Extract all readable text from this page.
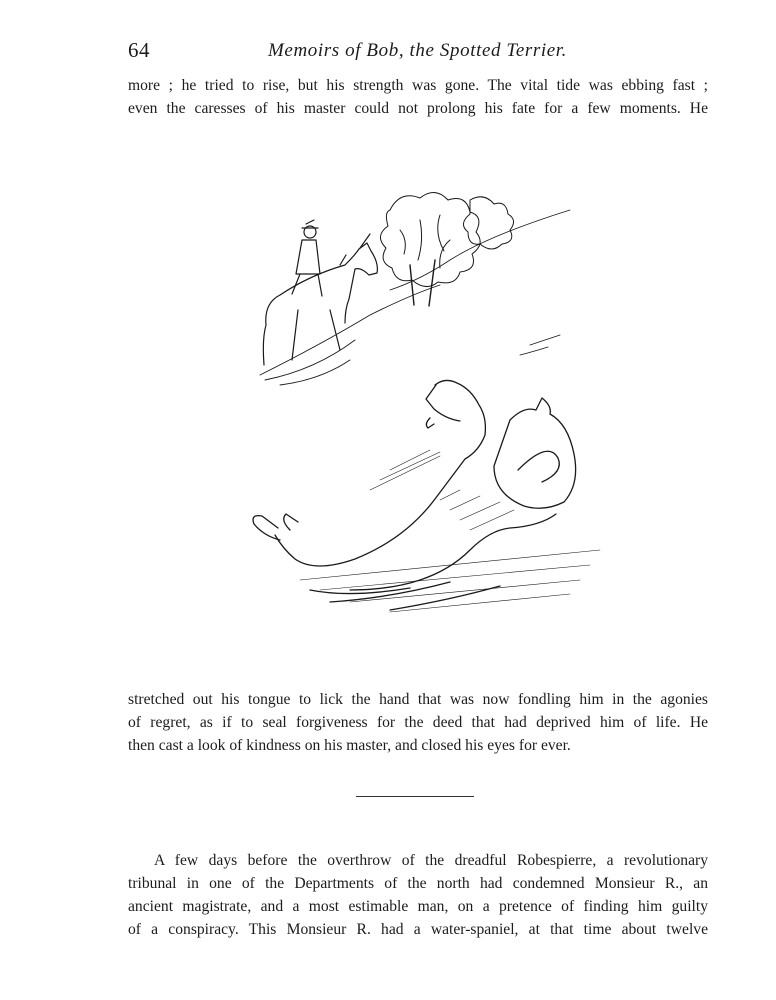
64	Memoirs of Bob, the Spotted Terrier.

more ; he tried to rise, but his strength was gone. The vital tide was ebbing fast ;
even the caresses of his master could not prolong his fate for a few moments. He

stretched out his tongue to lick the hand that was now fondling him in the agonies
of regret, as if to seal forgiveness for the deed that had deprived him of life. He
then cast a look of kindness on his master, and closed his eyes for ever.

A few days before the overthrow of the dreadful Robespierre, a revolutionary
tribunal in one of the Departments of the north had condemned Monsieur R., an
ancient magistrate, and a most estimable man, on a pretence of finding him guilty
of a conspiracy. This Monsieur R. had a water-spaniel, at that time about twelve
